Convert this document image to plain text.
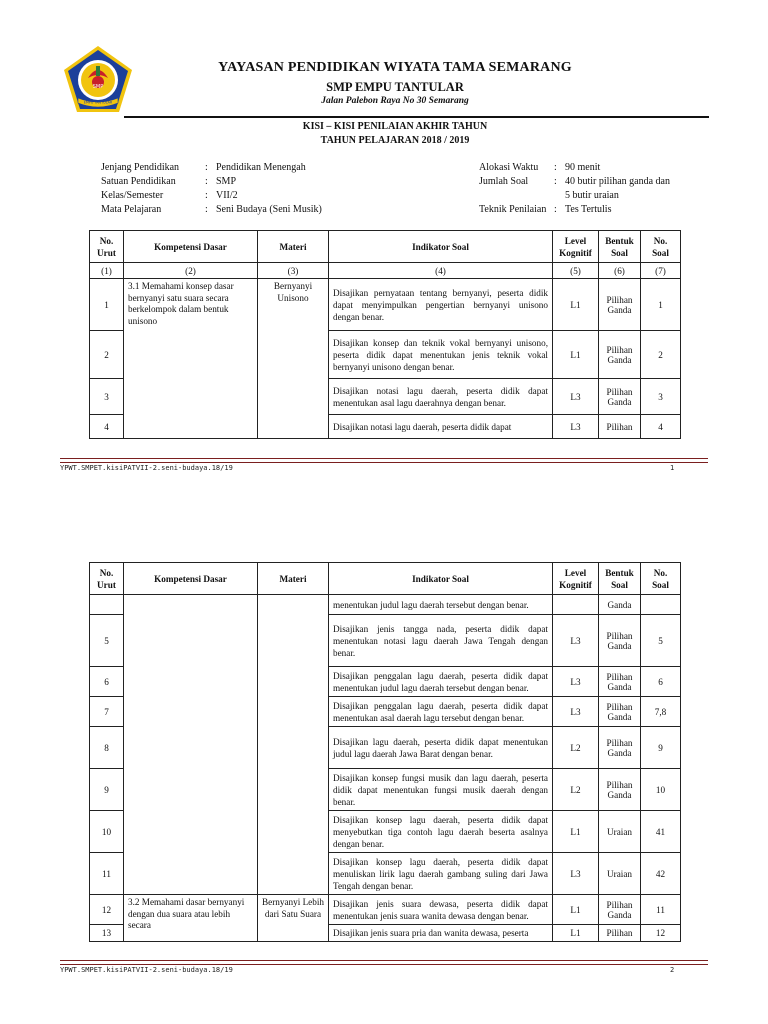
SMP
EMPU TANTULAR
YAYASAN PENDIDIKAN WIYATA TAMA SEMARANG
SMP EMPU TANTULAR
Jalan Palebon Raya No 30 Semarang
KISI – KISI PENILAIAN AKHIR TAHUN
TAHUN PELAJARAN 2018 / 2019
Jenjang Pendidikan	: Pendidikan Menengah
Satuan Pendidikan	: SMP
Kelas/Semester	: VII/2
Mata Pelajaran	: Seni Budaya (Seni Musik)
Alokasi Waktu : 90 menit
Jumlah Soal	: 40 butir pilihan ganda dan
5 butir uraian
Teknik Penilaian : Tes Tertulis
No. Urut	Kompetensi Dasar	Materi	Indikator Soal	Level Kognitif	Bentuk Soal	No. Soal
(1)	(2)	(3)	(4)	(5)	(6)	(7)
1	3.1 Memahami konsep dasar bernyanyi satu suara secara berkelompok dalam bentuk unisono	Bernyanyi Unisono	Disajikan pernyataan tentang bernyanyi, peserta didik dapat menyimpulkan pengertian bernyanyi unisono dengan benar.	L1	Pilihan Ganda	1
2			Disajikan konsep dan teknik vokal bernyanyi unisono, peserta didik dapat menentukan jenis teknik vokal bernyanyi unisono dengan benar.	L1	Pilihan Ganda	2
3			Disajikan notasi lagu daerah, peserta didik dapat menentukan asal lagu daerahnya dengan benar.	L3	Pilihan Ganda	3
4			Disajikan notasi lagu daerah, peserta didik dapat	L3	Pilihan	4
YPWT.SMPET.kisiPATVII-2.seni-budaya.18/19	1
No. Urut	Kompetensi Dasar	Materi	Indikator Soal	Level Kognitif	Bentuk Soal	No. Soal
			menentukan judul lagu daerah tersebut dengan benar.		Ganda	
5			Disajikan jenis tangga nada, peserta didik dapat menentukan notasi lagu daerah Jawa Tengah dengan benar.	L3	Pilihan Ganda	5
6			Disajikan penggalan lagu daerah, peserta didik dapat menentukan judul lagu daerah tersebut dengan benar.	L3	Pilihan Ganda	6
7			Disajikan penggalan lagu daerah, peserta didik dapat menentukan asal daerah lagu tersebut dengan benar.	L3	Pilihan Ganda	7,8
8			Disajikan lagu daerah, peserta didik dapat menentukan judul lagu daerah Jawa Barat dengan benar.	L2	Pilihan Ganda	9
9			Disajikan konsep fungsi musik dan lagu daerah, peserta didik dapat menentukan fungsi musik daerah dengan benar.	L2	Pilihan Ganda	10
10			Disajikan konsep lagu daerah, peserta didik dapat menyebutkan tiga contoh lagu daerah beserta asalnya dengan benar.	L1	Uraian	41
11			Disajikan konsep lagu daerah, peserta didik dapat menuliskan lirik lagu daerah gambang suling dari Jawa Tengah dengan benar.	L3	Uraian	42
12	3.2 Memahami dasar bernyanyi dengan dua suara atau lebih secara	Bernyanyi Lebih dari Satu Suara	Disajikan jenis suara dewasa, peserta didik dapat menentukan jenis suara wanita dewasa dengan benar.	L1	Pilihan Ganda	11
13			Disajikan jenis suara pria dan wanita dewasa, peserta	L1	Pilihan	12
YPWT.SMPET.kisiPATVII-2.seni-budaya.18/19	2
